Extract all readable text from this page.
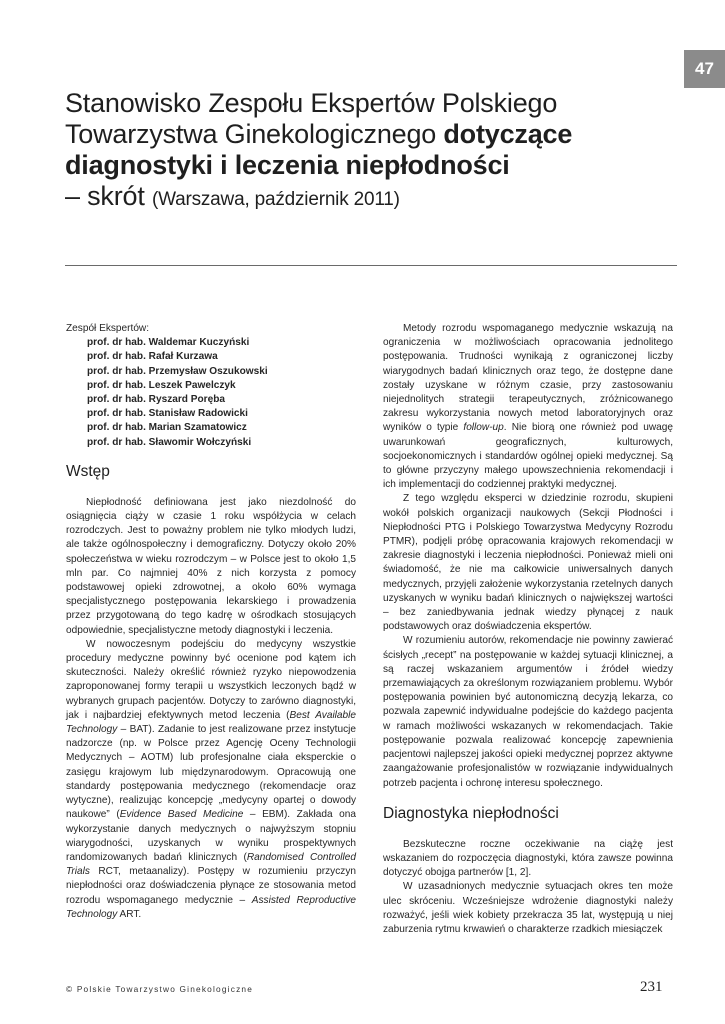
47
Stanowisko Zespołu Ekspertów Polskiego
Towarzystwa Ginekologicznego dotyczące
diagnostyki i leczenia niepłodności
– skrót (Warszawa, październik 2011)

Zespół Ekspertów:

prof. dr hab. Waldemar Kuczyński
prof. dr hab. Rafał Kurzawa
prof. dr hab. Przemysław Oszukowski
prof. dr hab. Leszek Pawelczyk
prof. dr hab. Ryszard Poręba
prof. dr hab. Stanisław Radowicki
prof. dr hab. Marian Szamatowicz
prof. dr hab. Sławomir Wołczyński
Wstęp

Niepłodność definiowana jest jako niezdolność do osiągnięcia ciąży w czasie 1 roku współżycia w celach rozrodczych. Jest to poważny problem nie tylko młodych ludzi, ale także ogólnospołeczny i demograficzny. Dotyczy około 20% społeczeństwa w wieku rozrodczym – w Polsce jest to około 1,5 mln par. Co najmniej 40% z nich korzysta z pomocy podstawowej opieki zdrowotnej, a około 60% wymaga specjalistycznego postępowania lekarskiego i prowadzenia przez przygotowaną do tego kadrę w ośrodkach stosujących odpowiednie, specjalistyczne metody diagnostyki i leczenia.

W nowoczesnym podejściu do medycyny wszystkie procedury medyczne powinny być ocenione pod kątem ich skuteczności. Należy określić również ryzyko niepowodzenia zaproponowanej formy terapii u wszystkich leczonych bądź w wybranych grupach pacjentów. Dotyczy to zarówno diagnostyki, jak i najbardziej efektywnych metod leczenia (Best Available Technology – BAT). Zadanie to jest realizowane przez instytucje nadzorcze (np. w Polsce przez Agencję Oceny Technologii Medycznych – AOTM) lub profesjonalne ciała eksperckie o zasięgu krajowym lub międzynarodowym. Opracowują one standardy postępowania medycznego (rekomendacje oraz wytyczne), realizując koncepcję „medycyny opartej o dowody naukowe” (Evidence Based Medicine – EBM). Zakłada ona wykorzystanie danych medycznych o najwyższym stopniu wiarygodności, uzyskanych w wyniku prospektywnych randomizowanych badań klinicznych (Randomised Controlled Trials RCT, metaanalizy). Postępy w rozumieniu przyczyn niepłodności oraz doświadczenia płynące ze stosowania metod rozrodu wspomaganego medycznie – Assisted Reproductive Technology ART.

Metody rozrodu wspomaganego medycznie wskazują na ograniczenia w możliwościach opracowania jednolitego postępowania. Trudności wynikają z ograniczonej liczby wiarygodnych badań klinicznych oraz tego, że dostępne dane zostały uzyskane w różnym czasie, przy zastosowaniu niejednolitych strategii terapeutycznych, zróżnicowanego zakresu wykorzystania nowych metod laboratoryjnych oraz wyników o typie follow-up. Nie biorą one również pod uwagę uwarunkowań geograficznych, kulturowych, socjoekonomicznych i standardów ogólnej opieki medycznej. Są to główne przyczyny małego upowszechnienia rekomendacji i ich implementacji do codziennej praktyki medycznej.

Z tego względu eksperci w dziedzinie rozrodu, skupieni wokół polskich organizacji naukowych (Sekcji Płodności i Niepłodności PTG i Polskiego Towarzystwa Medycyny Rozrodu PTMR), podjęli próbę opracowania krajowych rekomendacji w zakresie diagnostyki i leczenia niepłodności. Ponieważ mieli oni świadomość, że nie ma całkowicie uniwersalnych danych medycznych, przyjęli założenie wykorzystania rzetelnych danych uzyskanych w wyniku badań klinicznych o największej wartości – bez zaniedbywania jednak wiedzy płynącej z nauk podstawowych oraz doświadczenia ekspertów.

W rozumieniu autorów, rekomendacje nie powinny zawierać ścisłych „recept” na postępowanie w każdej sytuacji klinicznej, a są raczej wskazaniem argumentów i źródeł wiedzy przemawiających za określonym rozwiązaniem problemu. Wybór postępowania powinien być autonomiczną decyzją lekarza, co pozwala zapewnić indywidualne podejście do każdego pacjenta w ramach możliwości wskazanych w rekomendacjach. Takie postępowanie pozwala realizować koncepcję zapewnienia pacjentowi najlepszej jakości opieki medycznej poprzez aktywne zaangażowanie profesjonalistów w rozwiązanie indywidualnych potrzeb pacjenta i ochronę interesu społecznego.

Diagnostyka niepłodności

Bezskuteczne roczne oczekiwanie na ciążę jest wskazaniem do rozpoczęcia diagnostyki, która zawsze powinna dotyczyć obojga partnerów [1, 2].

W uzasadnionych medycznie sytuacjach okres ten może ulec skróceniu. Wcześniejsze wdrożenie diagnostyki należy rozważyć, jeśli wiek kobiety przekracza 35 lat, występują u niej zaburzenia rytmu krwawień o charakterze rzadkich miesiączek

© Polskie Towarzystwo Ginekologiczne	231
